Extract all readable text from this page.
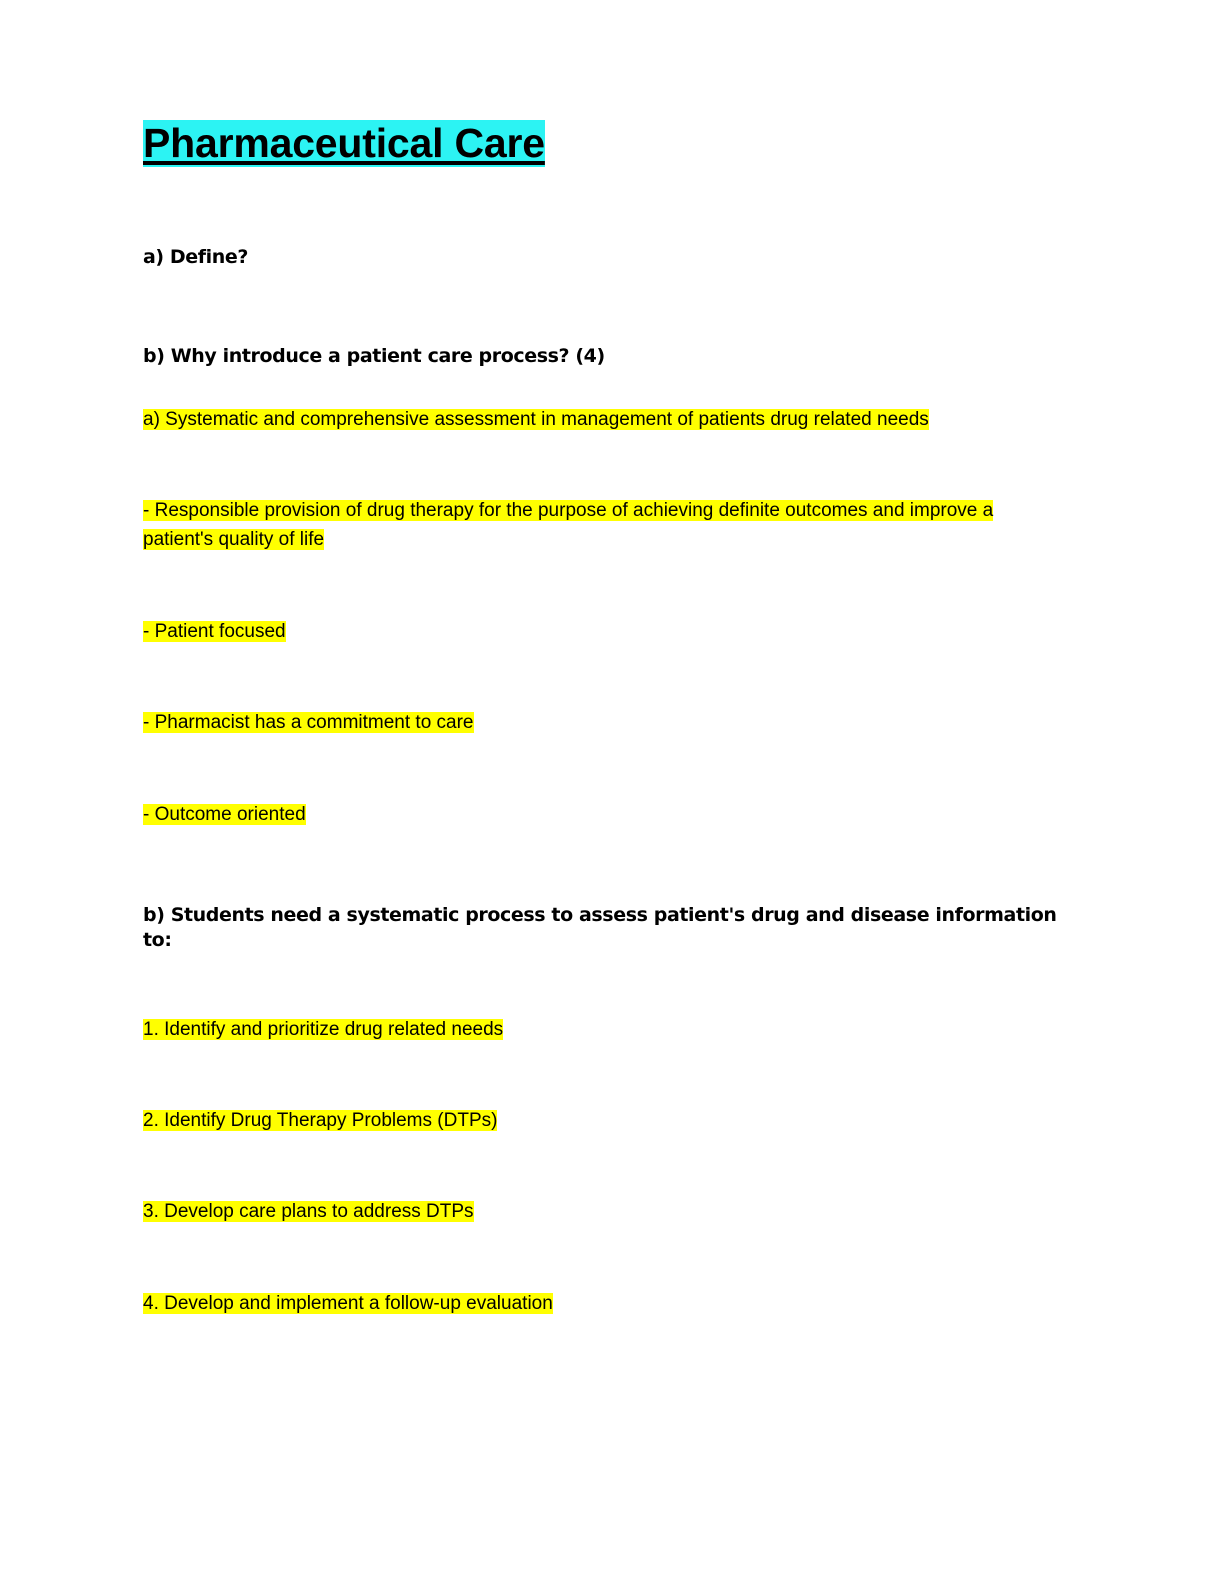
Pharmaceutical Care

a) Define?

b) Why introduce a patient care process? (4)

a) Systematic and comprehensive assessment in management of patients drug related needs

- Responsible provision of drug therapy for the purpose of achieving definite outcomes and improve a patient's quality of life

- Patient focused

- Pharmacist has a commitment to care

- Outcome oriented

b) Students need a systematic process to assess patient's drug and disease information to:

1. Identify and prioritize drug related needs

2. Identify Drug Therapy Problems (DTPs)

3. Develop care plans to address DTPs

4. Develop and implement a follow-up evaluation
